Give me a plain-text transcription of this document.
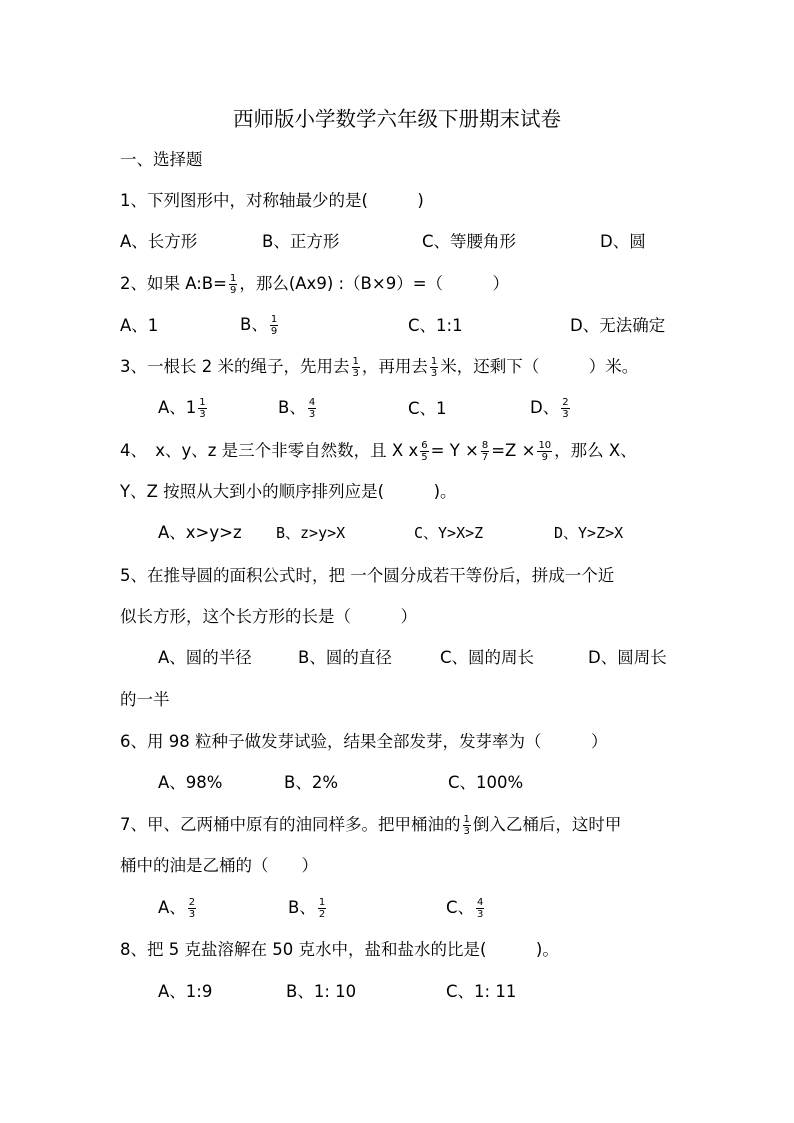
西师版小学数学六年级下册期末试卷
一、选择题
1、下列图形中，对称轴最少的是(　　　)
A、长方形	B、正方形	C、等腰角形	D、圆
2、如果 A:B= $\frac{1}{9}$ ，那么(Ax9) :（B×9）=（　　　）
A、1	B、 $\frac{1}{9}$	C、1:1	D、无法确定
3、一根长 2 米的绳子，先用去 $\frac{1}{3}$ ，再用去 $\frac{1}{3}$ 米，还剩下（　　　）米。
A、$1 \frac{1}{3}$	B、 $\frac{4}{3}$	C、1	D、 $\frac{2}{3}$
4、　x、y、z 是三个非零自然数，且 X x $\frac{6}{5} = Y \times \frac{8}{7} =Z \times \frac{10}{9}$ ，那么 X、
Y、Z 按照从大到小的顺序排列应是(　　　)。
A、x>y>z B、z>y>X	C、Y>X>Z	D、Y>Z>X
5、在推导圆的面积公式时，把 一个圆分成若干等份后，拼成一个近
似长方形，这个长方形的长是（　　　）
A、圆的半径	B、圆的直径	C、圆的周长	D、圆周长
的一半
6、用 98 粒种子做发芽试验，结果全部发芽，发芽率为（　　　）
A、98%	B、2%	C、100%
7、甲、乙两桶中原有的油同样多。把甲桶油的 $\frac{1}{3}$ 倒入乙桶后，这时甲
桶中的油是乙桶的（　　）
A、 $\frac{2}{3}$	B、 $\frac{1}{2}$	C、 $\frac{4}{3}$
8、把 5 克盐溶解在 50 克水中，盐和盐水的比是(　　　)。
A、1:9	B、1: 10	C、1: 11
